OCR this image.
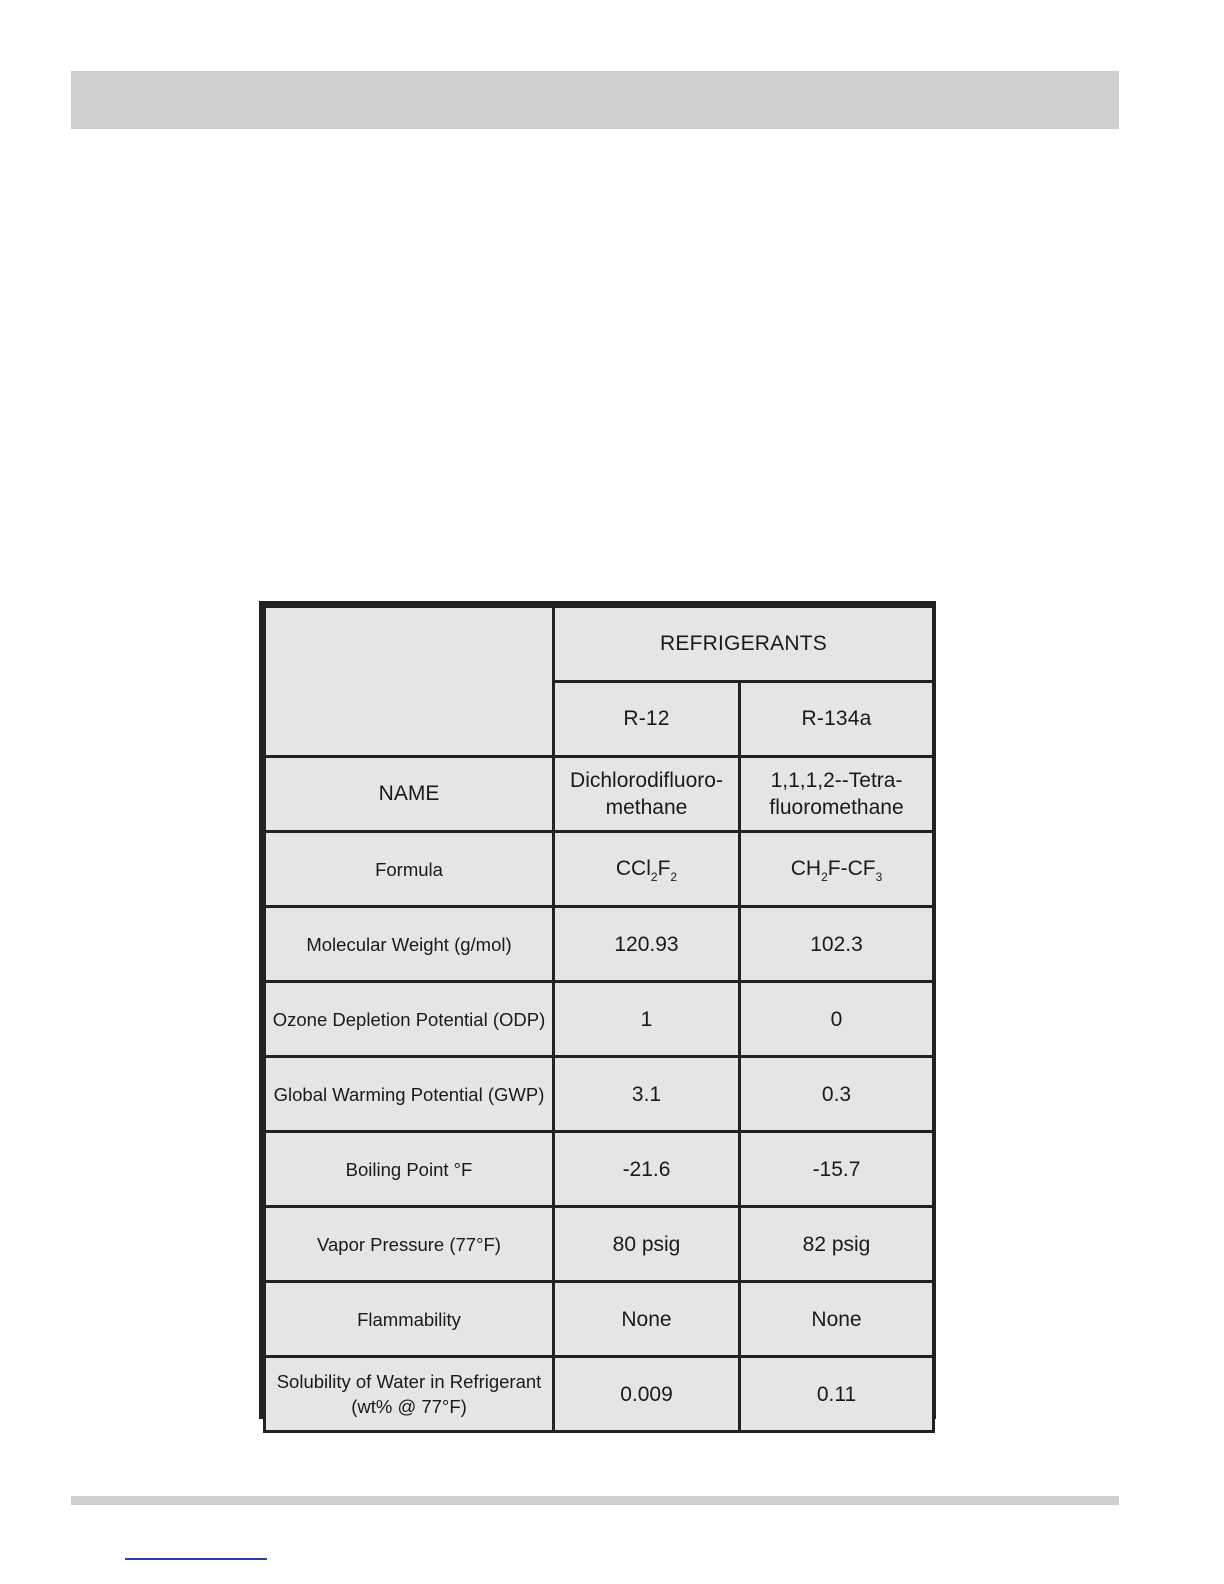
	REFRIGERANTS	
	R-12	R-134a
NAME	Dichlorodifluoro- methane	1,1,1,2--Tetra- fluoromethane
Formula	$CCl_2F_2$	$CH_2F-CF_3$
Molecular Weight (g/mol)	120.93	102.3
Ozone Depletion Potential (ODP)	1	0
Global Warming Potential (GWP)	3.1	0.3
Boiling Point °F	-21.6	-15.7
Vapor Pressure (77°F)	80 psig	82 psig
Flammability	None	None
Solubility of Water in Refrigerant (wt% @ 77°F)	0.009	0.11
